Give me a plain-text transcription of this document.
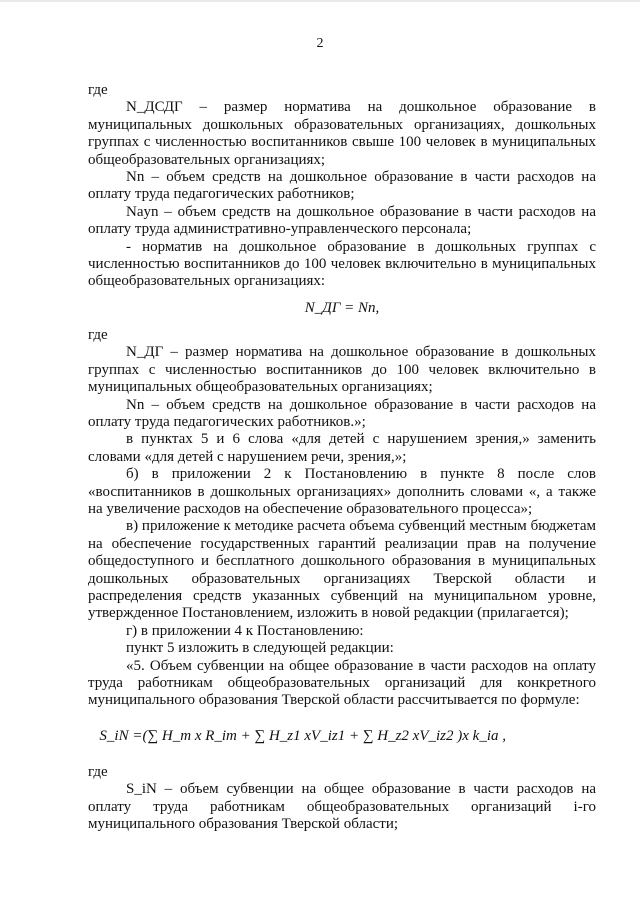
2

где

N_ДСДГ – размер норматива на дошкольное образование в муниципальных дошкольных образовательных организациях, дошкольных группах с численностью воспитанников свыше 100 человек в муниципальных общеобразовательных организациях;

Nn – объем средств на дошкольное образование в части расходов на оплату труда педагогических работников;

Naуn – объем средств на дошкольное образование в части расходов на оплату труда административно-управленческого персонала;

- норматив на дошкольное образование в дошкольных группах с численностью воспитанников до 100 человек включительно в муниципальных общеобразовательных организациях:

N_ДГ = Nn,

где

N_ДГ – размер норматива на дошкольное образование в дошкольных группах с численностью воспитанников до 100 человек включительно в муниципальных общеобразовательных организациях;

Nn – объем средств на дошкольное образование в части расходов на оплату труда педагогических работников.»;

в пунктах 5 и 6 слова «для детей с нарушением зрения,» заменить словами «для детей с нарушением речи, зрения,»;

б) в приложении 2 к Постановлению в пункте 8 после слов «воспитанников в дошкольных организациях» дополнить словами «, а также на увеличение расходов на обеспечение образовательного процесса»;

в) приложение к методике расчета объема субвенций местным бюджетам на обеспечение государственных гарантий реализации прав на получение общедоступного и бесплатного дошкольного образования в муниципальных дошкольных образовательных организациях Тверской области и распределения средств указанных субвенций на муниципальном уровне, утвержденное Постановлением, изложить в новой редакции (прилагается);

г) в приложении 4 к Постановлению:

пункт 5 изложить в следующей редакции:

«5. Объем субвенции на общее образование в части расходов на оплату труда работникам общеобразовательных организаций для конкретного муниципального образования Тверской области рассчитывается по формуле:

S_iN =(∑ H_m x R_im + ∑ H_z1 xV_iz1 + ∑ H_z2 xV_iz2 )x k_ia ,

где

S_iN – объем субвенции на общее образование в части расходов на оплату труда работникам общеобразовательных организаций i-го муниципального образования Тверской области;
